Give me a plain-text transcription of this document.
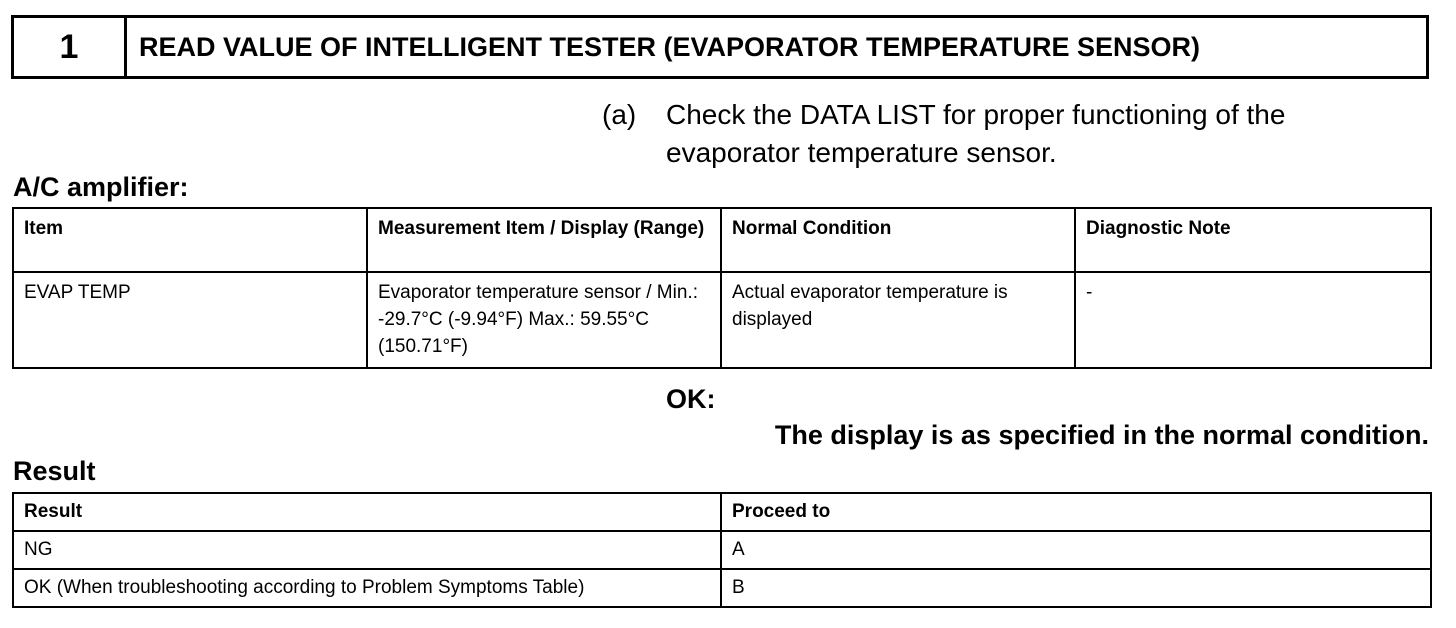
1	READ VALUE OF INTELLIGENT TESTER (EVAPORATOR TEMPERATURE SENSOR)
(a)	Check the DATA LIST for proper functioning of the
evaporator temperature sensor.
A/C amplifier:
Item	Measurement Item / Display (Range)	Normal Condition	Diagnostic Note
EVAP TEMP	Evaporator temperature sensor / Min.: -29.7°C (-9.94°F) Max.: 59.55°C (150.71°F)	Actual evaporator temperature is displayed	-
OK:
The display is as specified in the normal condition.
Result
Result	Proceed to
NG	A
OK (When troubleshooting according to Problem Symptoms Table)	B
